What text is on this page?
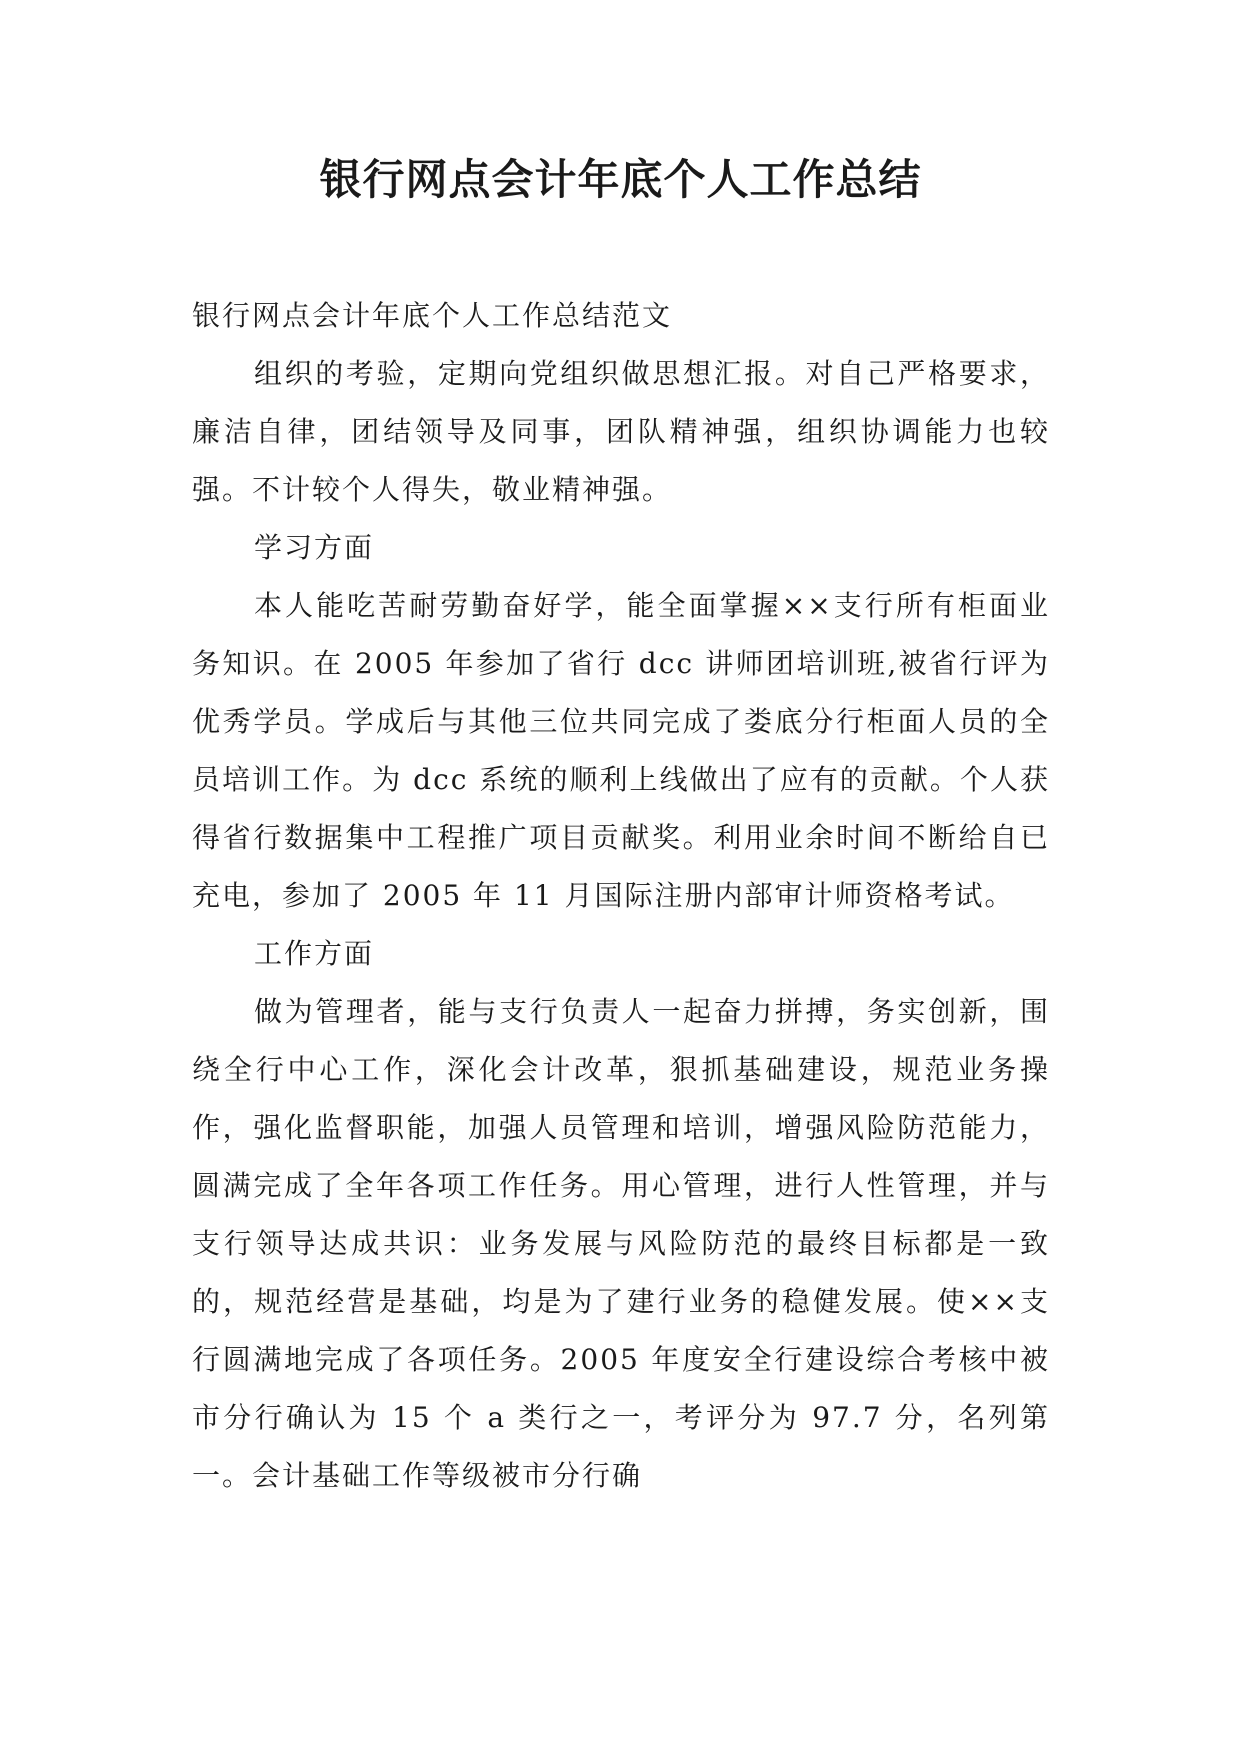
银行网点会计年底个人工作总结

银行网点会计年底个人工作总结范文

组织的考验，定期向党组织做思想汇报。对自己严格要求，廉洁自律，团结领导及同事，团队精神强，组织协调能力也较强。不计较个人得失，敬业精神强。

学习方面

本人能吃苦耐劳勤奋好学，能全面掌握××支行所有柜面业务知识。在 2005 年参加了省行 dcc 讲师团培训班,被省行评为优秀学员。学成后与其他三位共同完成了娄底分行柜面人员的全员培训工作。为 dcc 系统的顺利上线做出了应有的贡献。个人获得省行数据集中工程推广项目贡献奖。利用业余时间不断给自已充电，参加了 2005 年 11 月国际注册内部审计师资格考试。

工作方面

做为管理者，能与支行负责人一起奋力拼搏，务实创新，围绕全行中心工作，深化会计改革，狠抓基础建设，规范业务操作，强化监督职能，加强人员管理和培训，增强风险防范能力，圆满完成了全年各项工作任务。用心管理，进行人性管理，并与支行领导达成共识：业务发展与风险防范的最终目标都是一致的，规范经营是基础，均是为了建行业务的稳健发展。使××支行圆满地完成了各项任务。2005 年度安全行建设综合考核中被市分行确认为 15 个 a 类行之一，考评分为 97.7 分，名列第一。会计基础工作等级被市分行确
